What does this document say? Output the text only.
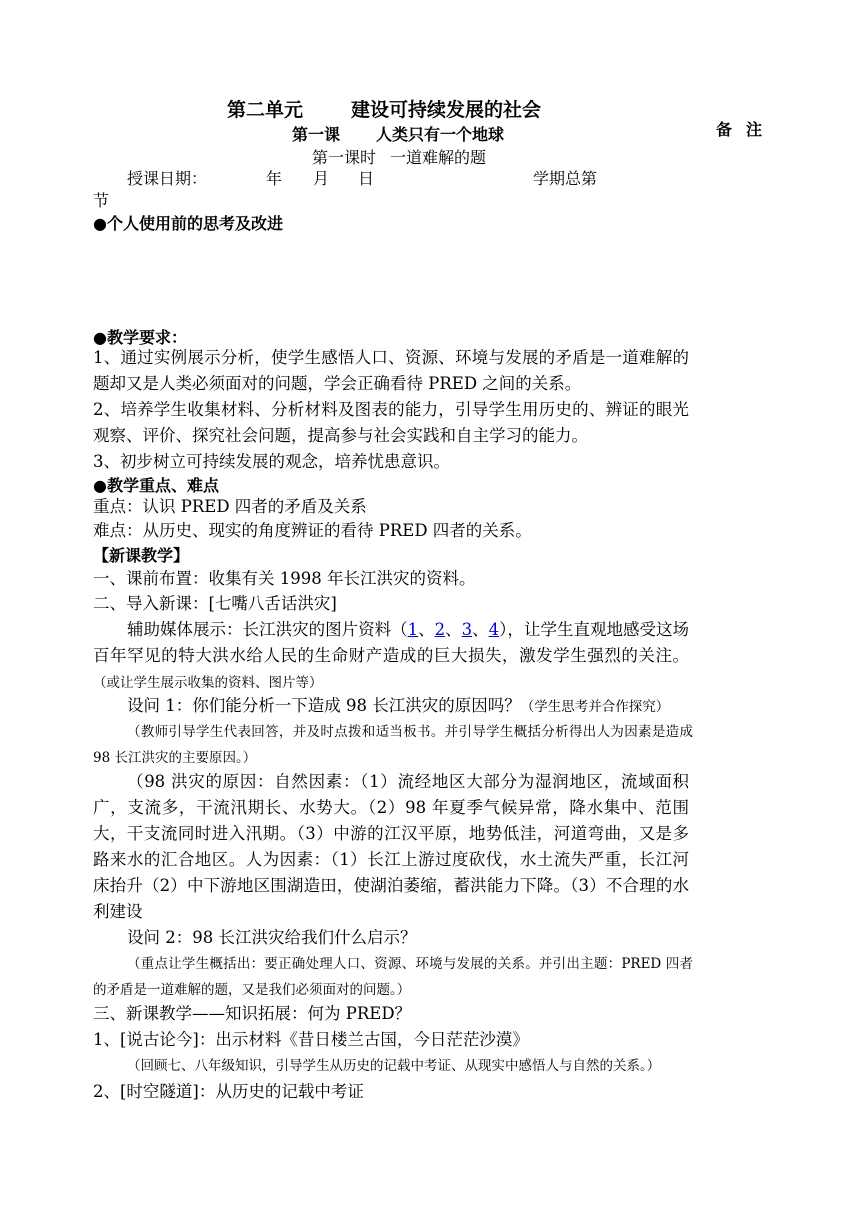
第二单元	建设可持续发展的社会
第一课 人类只有一个地球	备注
第一课时 一道难解的题
授课日期：	年 月 日	学期总第
节
●个人使用前的思考及改进
●教学要求：
1、通过实例展示分析，使学生感悟人口、资源、环境与发展的矛盾是一道难解的题却又是人类必须面对的问题，学会正确看待 PRED 之间的关系。
2、培养学生收集材料、分析材料及图表的能力，引导学生用历史的、辨证的眼光观察、评价、探究社会问题，提高参与社会实践和自主学习的能力。
3、初步树立可持续发展的观念，培养忧患意识。
●教学重点、难点
重点：认识 PRED 四者的矛盾及关系
难点：从历史、现实的角度辨证的看待 PRED 四者的关系。
【新课教学】
一、课前布置：收集有关 1998 年长江洪灾的资料。
二、导入新课：[七嘴八舌话洪灾]
辅助媒体展示：长江洪灾的图片资料（1、2、3、4），让学生直观地感受这场百年罕见的特大洪水给人民的生命财产造成的巨大损失，激发学生强烈的关注。（或让学生展示收集的资料、图片等）
设问 1：你们能分析一下造成 98 长江洪灾的原因吗？（学生思考并合作探究）
（教师引导学生代表回答，并及时点拨和适当板书。并引导学生概括分析得出人为因素是造成 98 长江洪灾的主要原因。）
（98 洪灾的原因：自然因素：（1）流经地区大部分为湿润地区，流域面积广，支流多，干流汛期长、水势大。（2）98 年夏季气候异常，降水集中、范围大，干支流同时进入汛期。（3）中游的江汉平原，地势低洼，河道弯曲，又是多路来水的汇合地区。人为因素：（1）长江上游过度砍伐，水土流失严重，长江河床抬升（2）中下游地区围湖造田，使湖泊萎缩，蓄洪能力下降。（3）不合理的水利建设
设问 2：98 长江洪灾给我们什么启示？
（重点让学生概括出：要正确处理人口、资源、环境与发展的关系。并引出主题：PRED 四者的矛盾是一道难解的题，又是我们必须面对的问题。）
三、新课教学——知识拓展：何为 PRED？
1、[说古论今]：出示材料《昔日楼兰古国，今日茫茫沙漠》
（回顾七、八年级知识，引导学生从历史的记载中考证、从现实中感悟人与自然的关系。）
2、[时空隧道]：从历史的记载中考证
